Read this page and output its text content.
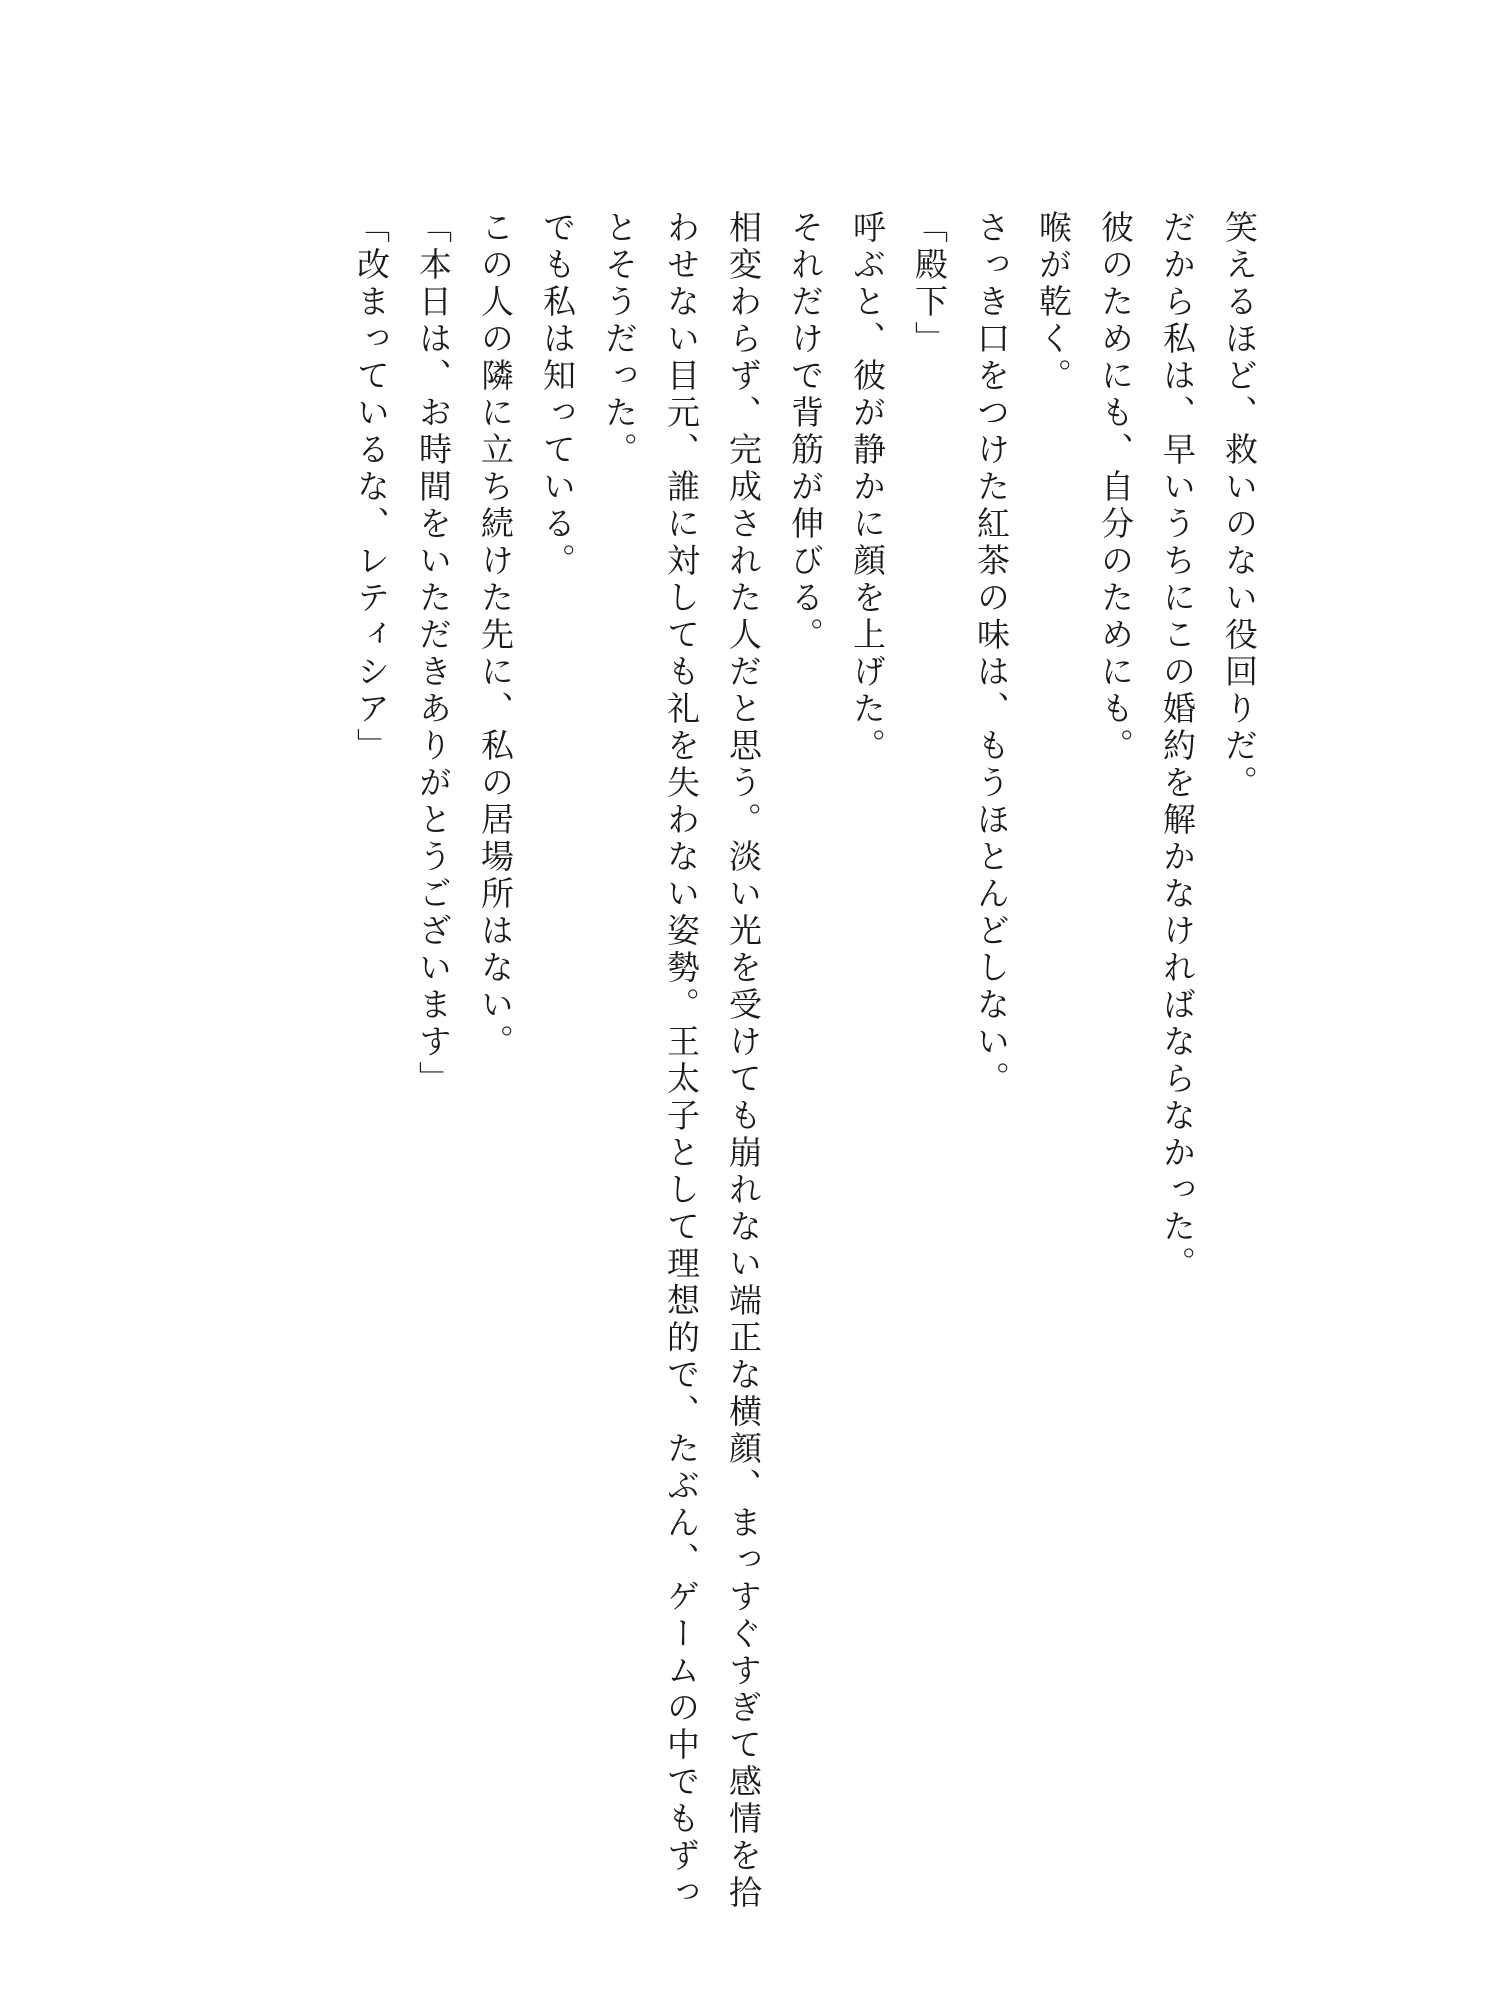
笑えるほど、救いのない役回りだ。
だから私は、早いうちにこの婚約を解かなければならなかった。
彼のためにも、自分のためにも。
喉が乾く。
さっき口をつけた紅茶の味は、もうほとんどしない。
「殿下」
呼ぶと、彼が静かに顔を上げた。
それだけで背筋が伸びる。
相変わらず、完成された人だと思う。淡い光を受けても崩れない端正な横顔、まっすぐすぎて感情を拾
わせない目元、誰に対しても礼を失わない姿勢。王太子として理想的で、たぶん、ゲームの中でもずっ
とそうだった。
でも私は知っている。
この人の隣に立ち続けた先に、私の居場所はない。
「本日は、お時間をいただきありがとうございます」
「改まっているな、レティシア」
